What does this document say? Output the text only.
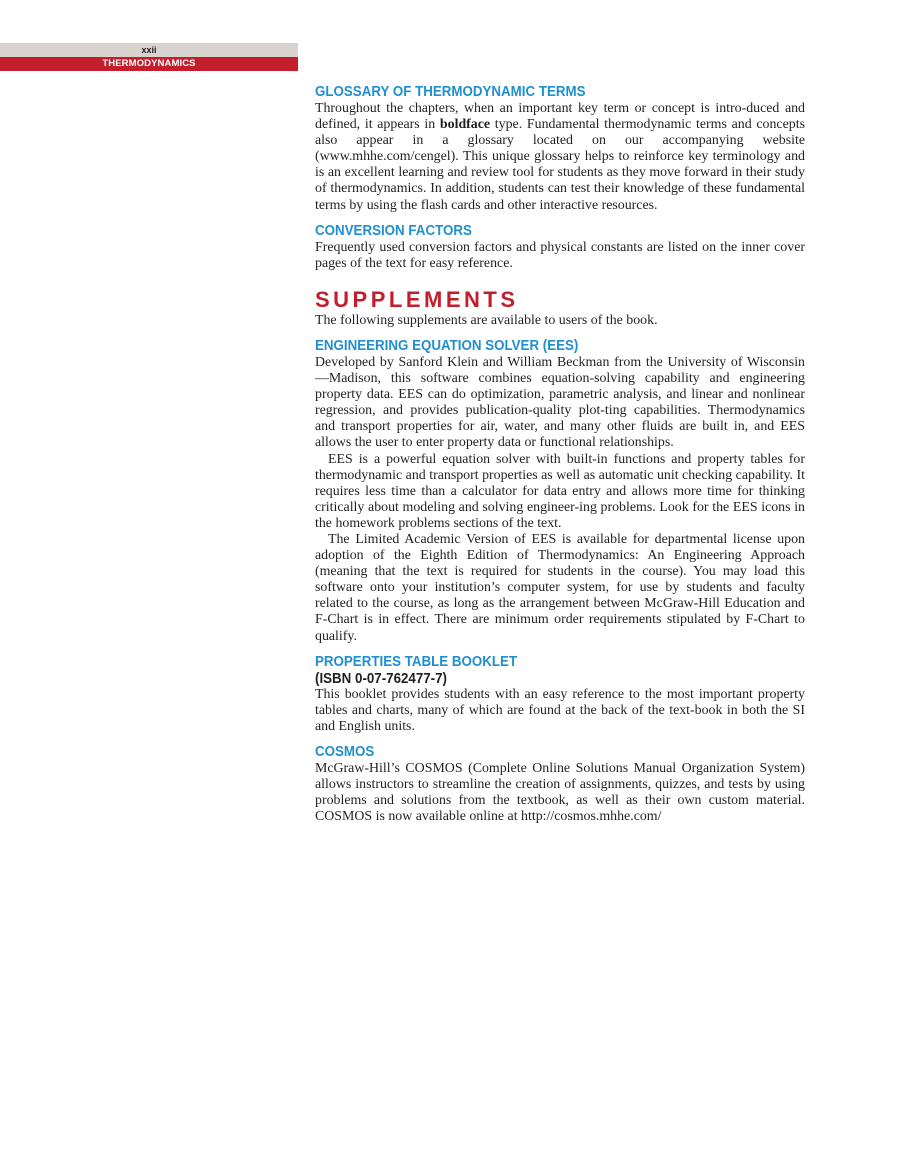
xxii
THERMODYNAMICS
GLOSSARY OF THERMODYNAMIC TERMS

Throughout the chapters, when an important key term or concept is intro-duced and defined, it appears in boldface type. Fundamental thermodynamic terms and concepts also appear in a glossary located on our accompanying website (www.mhhe.com/cengel). This unique glossary helps to reinforce key terminology and is an excellent learning and review tool for students as they move forward in their study of thermodynamics. In addition, students can test their knowledge of these fundamental terms by using the flash cards and other interactive resources.

CONVERSION FACTORS

Frequently used conversion factors and physical constants are listed on the inner cover pages of the text for easy reference.

SUPPLEMENTS

The following supplements are available to users of the book.

ENGINEERING EQUATION SOLVER (EES)

Developed by Sanford Klein and William Beckman from the University of Wisconsin—Madison, this software combines equation-solving capability and engineering property data. EES can do optimization, parametric analysis, and linear and nonlinear regression, and provides publication-quality plot-ting capabilities. Thermodynamics and transport properties for air, water, and many other fluids are built in, and EES allows the user to enter property data or functional relationships.

EES is a powerful equation solver with built-in functions and property tables for thermodynamic and transport properties as well as automatic unit checking capability. It requires less time than a calculator for data entry and allows more time for thinking critically about modeling and solving engineer-ing problems. Look for the EES icons in the homework problems sections of the text.

The Limited Academic Version of EES is available for departmental license upon adoption of the Eighth Edition of Thermodynamics: An Engineering Approach (meaning that the text is required for students in the course). You may load this software onto your institution’s computer system, for use by students and faculty related to the course, as long as the arrangement between McGraw-Hill Education and F-Chart is in effect. There are minimum order requirements stipulated by F-Chart to qualify.

PROPERTIES TABLE BOOKLET
(ISBN 0-07-762477-7)

This booklet provides students with an easy reference to the most important property tables and charts, many of which are found at the back of the text-book in both the SI and English units.

COSMOS

McGraw-Hill’s COSMOS (Complete Online Solutions Manual Organization System) allows instructors to streamline the creation of assignments, quizzes, and tests by using problems and solutions from the textbook, as well as their own custom material. COSMOS is now available online at http://cosmos.mhhe.com/
